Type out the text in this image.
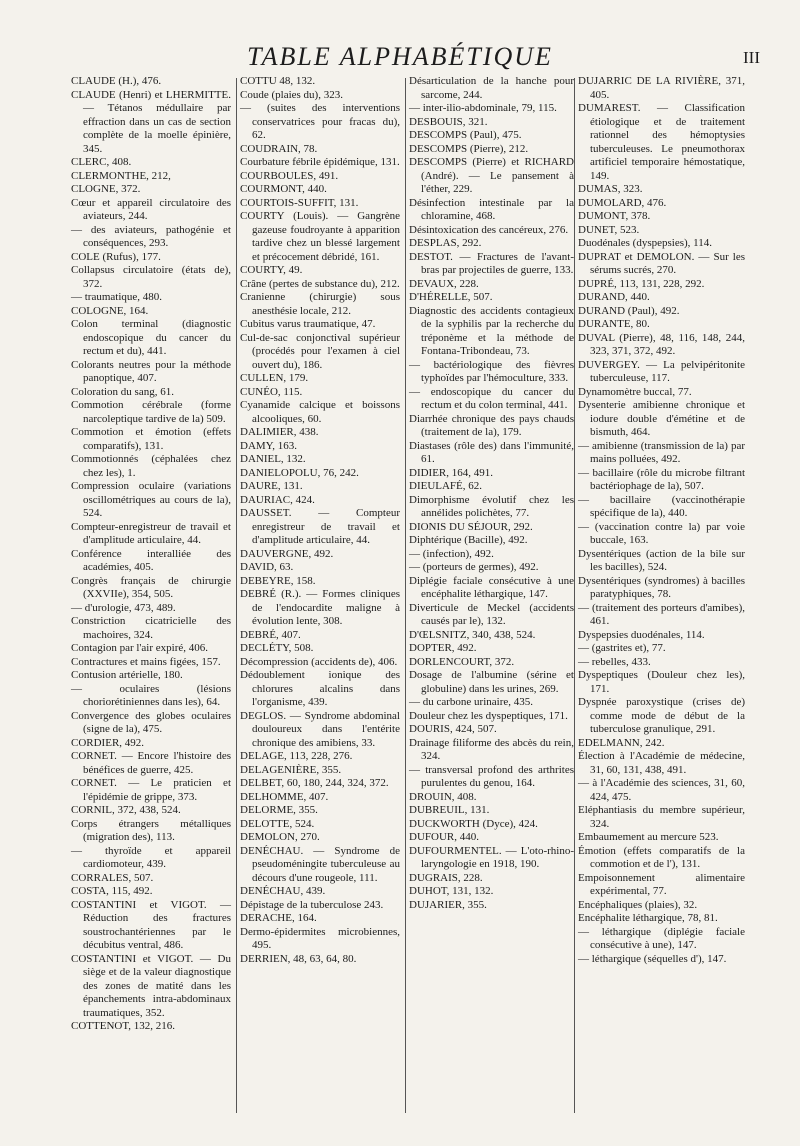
TABLE ALPHABÉTIQUE	III

CLAUDE (H.), 476.

CLAUDE (Henri) et LHERMITTE. — Tétanos médullaire par effraction dans un cas de section complète de la moelle épinière, 345.

CLERC, 408.

CLERMONTHE, 212,

CLOGNE, 372.

Cœur et appareil circulatoire des aviateurs, 244.

— des aviateurs, pathogénie et conséquences, 293.

COLE (Rufus), 177.

Collapsus circulatoire (états de), 372.

— traumatique, 480.

COLOGNE, 164.

Colon terminal (diagnostic endoscopique du cancer du rectum et du), 441.

Colorants neutres pour la méthode panoptique, 407.

Coloration du sang, 61.

Commotion cérébrale (forme narcoleptique tardive de la) 509.

Commotion et émotion (effets comparatifs), 131.

Commotionnés (céphalées chez chez les), 1.

Compression oculaire (variations oscillométriques au cours de la), 524.

Compteur-enregistreur de travail et d'amplitude articulaire, 44.

Conférence interalliée des académies, 405.

Congrès français de chirurgie (XXVIIe), 354, 505.

— d'urologie, 473, 489.

Constriction cicatricielle des machoires, 324.

Contagion par l'air expiré, 406.

Contractures et mains figées, 157.

Contusion artérielle, 180.

— oculaires (lésions choriorétiniennes dans les), 64.

Convergence des globes oculaires (signe de la), 475.

CORDIER, 492.

CORNET. — Encore l'histoire des bénéfices de guerre, 425.

CORNET. — Le praticien et l'épidémie de grippe, 373.

CORNIL, 372, 438, 524.

Corps étrangers métalliques (migration des), 113.

— thyroïde et appareil cardiomoteur, 439.

CORRALES, 507.

COSTA, 115, 492.

COSTANTINI et VIGOT. — Réduction des fractures soustrochantériennes par le décubitus ventral, 486.

COSTANTINI et VIGOT. — Du siège et de la valeur diagnostique des zones de matité dans les épanchements intra-abdominaux traumatiques, 352.

COTTENOT, 132, 216.

COTTU 48, 132.

Coude (plaies du), 323.

— (suites des interventions conservatrices pour fracas du), 62.

COUDRAIN, 78.

Courbature fébrile épidémique, 131.

COURBOULES, 491.

COURMONT, 440.

COURTOIS-SUFFIT, 131.

COURTY (Louis). — Gangrène gazeuse foudroyante à apparition tardive chez un blessé largement et précocement débridé, 161.

COURTY, 49.

Crâne (pertes de substance du), 212.

Cranienne (chirurgie) sous anesthésie locale, 212.

Cubitus varus traumatique, 47.

Cul-de-sac conjonctival supérieur (procédés pour l'examen à ciel ouvert du), 186.

CULLEN, 179.

CUNÉO, 115.

Cyanamide calcique et boissons alcooliques, 60.

DALIMIER, 438.

DAMY, 163.

DANIEL, 132.

DANIELOPOLU, 76, 242.

DAURE, 131.

DAURIAC, 424.

DAUSSET. — Compteur enregistreur de travail et d'amplitude articulaire, 44.

DAUVERGNE, 492.

DAVID, 63.

DEBEYRE, 158.

DEBRÉ (R.). — Formes cliniques de l'endocardite maligne à évolution lente, 308.

DEBRÉ, 407.

DECLÉTY, 508.

Décompression (accidents de), 406.

Dédoublement ionique des chlorures alcalins dans l'organisme, 439.

DEGLOS. — Syndrome abdominal douloureux dans l'entérite chronique des amibiens, 33.

DELAGE, 113, 228, 276.

DELAGENIÈRE, 355.

DELBET, 60, 180, 244, 324, 372.

DELHOMME, 407.

DELORME, 355.

DELOTTE, 524.

DEMOLON, 270.

DENÉCHAU. — Syndrome de pseudoméningite tuberculeuse au décours d'une rougeole, 111.

DENÉCHAU, 439.

Dépistage de la tuberculose 243.

DERACHE, 164.

Dermo-épidermites microbiennes, 495.

DERRIEN, 48, 63, 64, 80.

Désarticulation de la hanche pour sarcome, 244.

— inter-ilio-abdominale, 79, 115.

DESBOUIS, 321.

DESCOMPS (Paul), 475.

DESCOMPS (Pierre), 212.

DESCOMPS (Pierre) et RICHARD (André). — Le pansement à l'éther, 229.

Désinfection intestinale par la chloramine, 468.

Désintoxication des cancéreux, 276.

DESPLAS, 292.

DESTOT. — Fractures de l'avant-bras par projectiles de guerre, 133.

DEVAUX, 228.

D'HÉRELLE, 507.

Diagnostic des accidents contagieux de la syphilis par la recherche du tréponème et la méthode de Fontana-Tribondeau, 73.

— bactériologique des fièvres typhoïdes par l'hémoculture, 333.

— endoscopique du cancer du rectum et du colon terminal, 441.

Diarrhée chronique des pays chauds (traitement de la), 179.

Diastases (rôle des) dans l'immunité, 61.

DIDIER, 164, 491.

DIEULAFÉ, 62.

Dimorphisme évolutif chez les annélides polichètes, 77.

DIONIS DU SÉJOUR, 292.

Diphtérique (Bacille), 492.

— (infection), 492.

— (porteurs de germes), 492.

Diplégie faciale consécutive à une encéphalite léthargique, 147.

Diverticule de Meckel (accidents causés par le), 132.

D'ŒLSNITZ, 340, 438, 524.

DOPTER, 492.

DORLENCOURT, 372.

Dosage de l'albumine (sérine et globuline) dans les urines, 269.

— du carbone urinaire, 435.

Douleur chez les dyspeptiques, 171.

DOURIS, 424, 507.

Drainage filiforme des abcès du rein, 324.

— transversal profond des arthrites purulentes du genou, 164.

DROUIN, 408.

DUBREUIL, 131.

DUCKWORTH (Dyce), 424.

DUFOUR, 440.

DUFOURMENTEL. — L'oto-rhino-laryngologie en 1918, 190.

DUGRAIS, 228.

DUHOT, 131, 132.

DUJARIER, 355.

DUJARRIC DE LA RIVIÈRE, 371, 405.

DUMAREST. — Classification étiologique et de traitement rationnel des hémoptysies tuberculeuses. Le pneumothorax artificiel temporaire hémostatique, 149.

DUMAS, 323.

DUMOLARD, 476.

DUMONT, 378.

DUNET, 523.

Duodénales (dyspepsies), 114.

DUPRAT et DEMOLON. — Sur les sérums sucrés, 270.

DUPRÉ, 113, 131, 228, 292.

DURAND, 440.

DURAND (Paul), 492.

DURANTE, 80.

DUVAL (Pierre), 48, 116, 148, 244, 323, 371, 372, 492.

DUVERGEY. — La pelvipéritonite tuberculeuse, 117.

Dynamomètre buccal, 77.

Dysenterie amibienne chronique et iodure double d'émétine et de bismuth, 464.

— amibienne (transmission de la) par mains polluées, 492.

— bacillaire (rôle du microbe filtrant bactériophage de la), 507.

— bacillaire (vaccinothérapie spécifique de la), 440.

— (vaccination contre la) par voie buccale, 163.

Dysentériques (action de la bile sur les bacilles), 524.

Dysentériques (syndromes) à bacilles paratyphiques, 78.

— (traitement des porteurs d'amibes), 461.

Dyspepsies duodénales, 114.

— (gastrites et), 77.

— rebelles, 433.

Dyspeptiques (Douleur chez les), 171.

Dyspnée paroxystique (crises de) comme mode de début de la tuberculose granulique, 291.

EDELMANN, 242.

Élection à l'Académie de médecine, 31, 60, 131, 438, 491.

— à l'Académie des sciences, 31, 60, 424, 475.

Eléphantiasis du membre supérieur, 324.

Embaumement au mercure 523.

Émotion (effets comparatifs de la commotion et de l'), 131.

Empoisonnement alimentaire expérimental, 77.

Encéphaliques (plaies), 32.

Encéphalite léthargique, 78, 81.

— léthargique (diplégie faciale consécutive à une), 147.

— léthargique (séquelles d'), 147.
